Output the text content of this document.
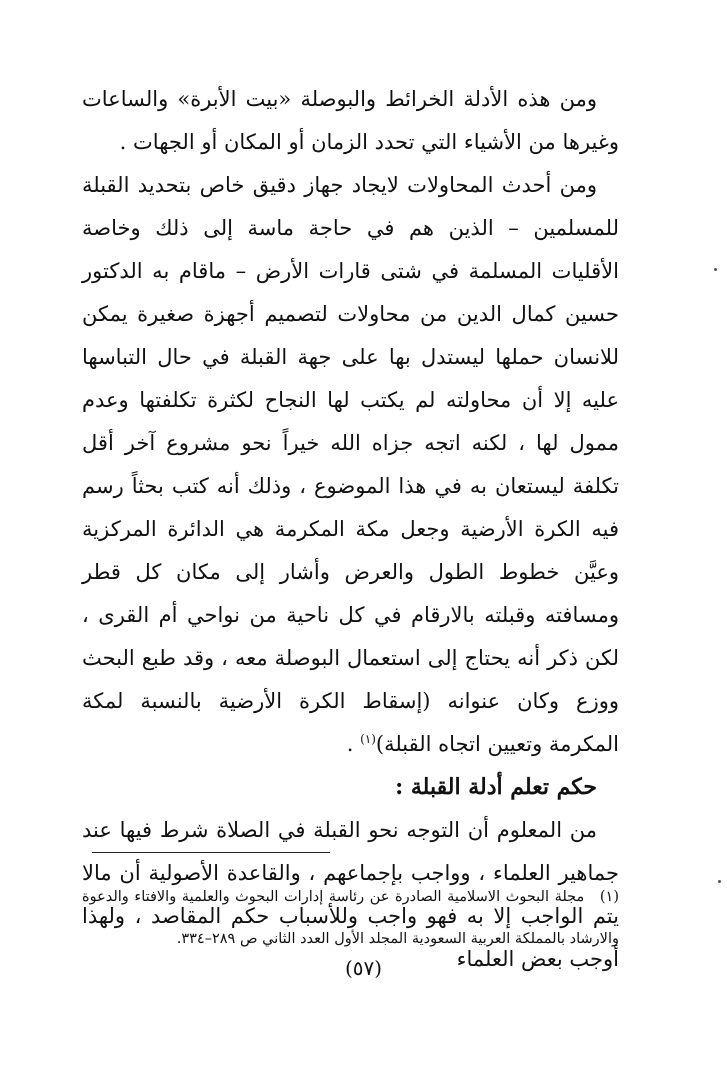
ومن هذه الأدلة الخرائط والبوصلة «بيت الأبرة» والساعات وغيرها من الأشياء التي تحدد الزمان أو المكان أو الجهات .

ومن أحدث المحاولات لايجاد جهاز دقيق خاص بتحديد القبلة للمسلمين – الذين هم في حاجة ماسة إلى ذلك وخاصة الأقليات المسلمة في شتى قارات الأرض – ماقام به الدكتور حسين كمال الدين من محاولات لتصميم أجهزة صغيرة يمكن للانسان حملها ليستدل بها على جهة القبلة في حال التباسها عليه إلا أن محاولته لم يكتب لها النجاح لكثرة تكلفتها وعدم ممول لها ، لكنه اتجه جزاه الله خيراً نحو مشروع آخر أقل تكلفة ليستعان به في هذا الموضوع ، وذلك أنه كتب بحثاً رسم فيه الكرة الأرضية وجعل مكة المكرمة هي الدائرة المركزية وعيَّن خطوط الطول والعرض وأشار إلى مكان كل قطر ومسافته وقبلته بالارقام في كل ناحية من نواحي أم القرى ، لكن ذكر أنه يحتاج إلى استعمال البوصلة معه ، وقد طبع البحث ووزع وكان عنوانه (إسقاط الكرة الأرضية بالنسبة لمكة المكرمة وتعيين اتجاه القبلة)$^{(١)}$ .

حكم تعلم أدلة القبلة :

من المعلوم أن التوجه نحو القبلة في الصلاة شرط فيها عند جماهير العلماء ، وواجب بإجماعهم ، والقاعدة الأصولية أن مالا يتم الواجب إلا به فهو واجب وللأسباب حكم المقاصد ، ولهذا أوجب بعض العلماء

(١) مجلة البحوث الاسلامية الصادرة عن رئاسة إدارات البحوث والعلمية والافتاء والدعوة والارشاد بالمملكة العربية السعودية المجلد الأول العدد الثاني ص ٢٨٩–٣٣٤.
(٥٧)
